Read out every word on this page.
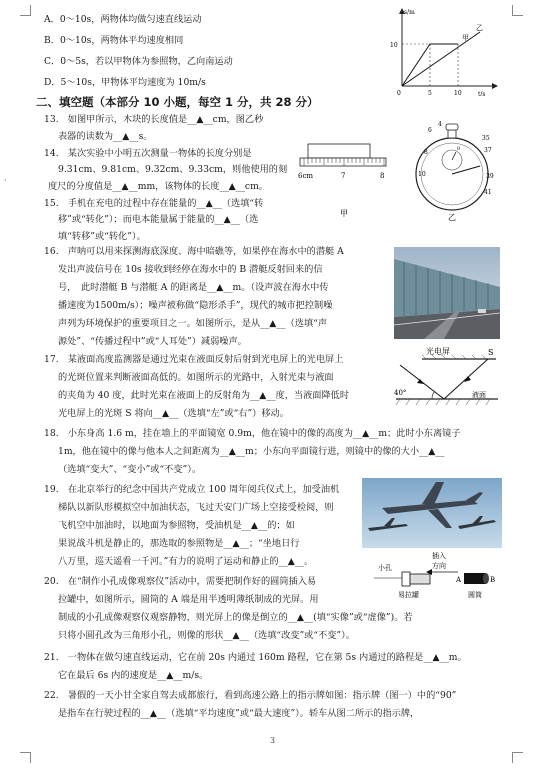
·
A．0～10s，两物体均做匀速直线运动
B．0～10s，两物体平均速度相同
C．0～5s，若以甲物体为参照物，乙向南运动
D．5～10s，甲物体平均速度为 10m/s
二、填空题（本部分 10 小题，每空 1 分，共 28 分）
13.　如图甲所示，木块的长度值是__▲__cm，图乙秒
表器的读数为__▲__s。
14.　某次实验中小明五次测量一物体的长度分别是
9.31cm、9.81cm、9.32cm、9.33cm，则他使用的刻
度尺的分度值是__▲__mm，该物体的长度__▲__cm。
15.　手机在充电的过程中存在能量的__▲__（选填“转
移”或“转化”）；而电本能量属于能量的__▲__（选
填“转移”或“转化”）。
16.　声呐可以用来探测海底深度、海中暗礁等，如果停在海水中的潜艇 A
发出声波信号在 10s 接收到经停在海水中的 B 潜艇反射回来的信
号，　此时潜艇 B 与潜艇 A 的距离是__▲__m。（设声波在海水中传
播速度为1500m/s）；噪声被称做“隐形杀手”，现代的城市把控制噪
声列为环境保护的重要项目之一。如图所示，是从__▲__（选填“声
源处”、“传播过程中”或“人耳处”）减弱噪声。
17.　某液面高度监测器是通过光束在液面反射后射到光电屏上的光电屏上
的光斑位置来判断液面高低的。如图所示的光路中，入射光束与液面
的夹角为 40 度，此时光束在液面上的反射角为__▲__度，当液面降低时
光电屏上的光斑 S 将向__▲__（选填“左”或“右”）移动。
18.　小东身高 1.6 m，挂在墙上的平面镜宽 0.9m，他在镜中的像的高度为__▲__m；此时小东离镜子
1m，他在镜中的像与他本人之间距离为__▲__m；小东向平面镜行进，则镜中的像的大小__▲__
（选填“变大”、“变小”或“不变”）。
19.　在北京举行的纪念中国共产党成立 100 周年阅兵仪式上，加受油机
梯队以新队形模拟空中加油状态，飞过天安门广场上空接受检阅，则
飞机空中加油时，以地面为参照物，受油机是__▲__的；如
果说战斗机是静止的，那选取的参照物是__▲__；“坐地日行
八万里，巡天遥看一千河。”有力的说明了运动和静止的__▲__。
20.　在“制作小孔成像观察仪”活动中，需要把制作好的圆筒插入易
拉罐中，如图所示，圆筒的 A 端是用半透明薄纸制成的光屏。用
制成的小孔成像观察仪观察静物，则光屏上的像是倒立的__▲__(填“实像”或“虚像”)。若
只将小圆孔改为三角形小孔，则像的形状__▲__（选填“改变”或“不变”）。
21.　一物体在做匀速直线运动，它在前 20s 内通过 160m 路程，它在第 5s 内通过的路程是__▲__m。
它在最后 6s 内的速度是__▲__m/s。
22.　暑假的一天小甘全家自驾去成都旅行，看到高速公路上的指示牌如图：指示牌（图一）中的“90”
是指车在行驶过程的__▲__（选填“平均速度”或“最大速度”）。轿车从图二所示的指示牌，
3
s/m
t/s
10
0	5	10
甲
乙
6cm	7	8
甲
0	37
35
8
6
4
39
41
10
乙
光电屏	S
40°	液面
小孔
插入
方向
A	B
易拉罐	圆筒
